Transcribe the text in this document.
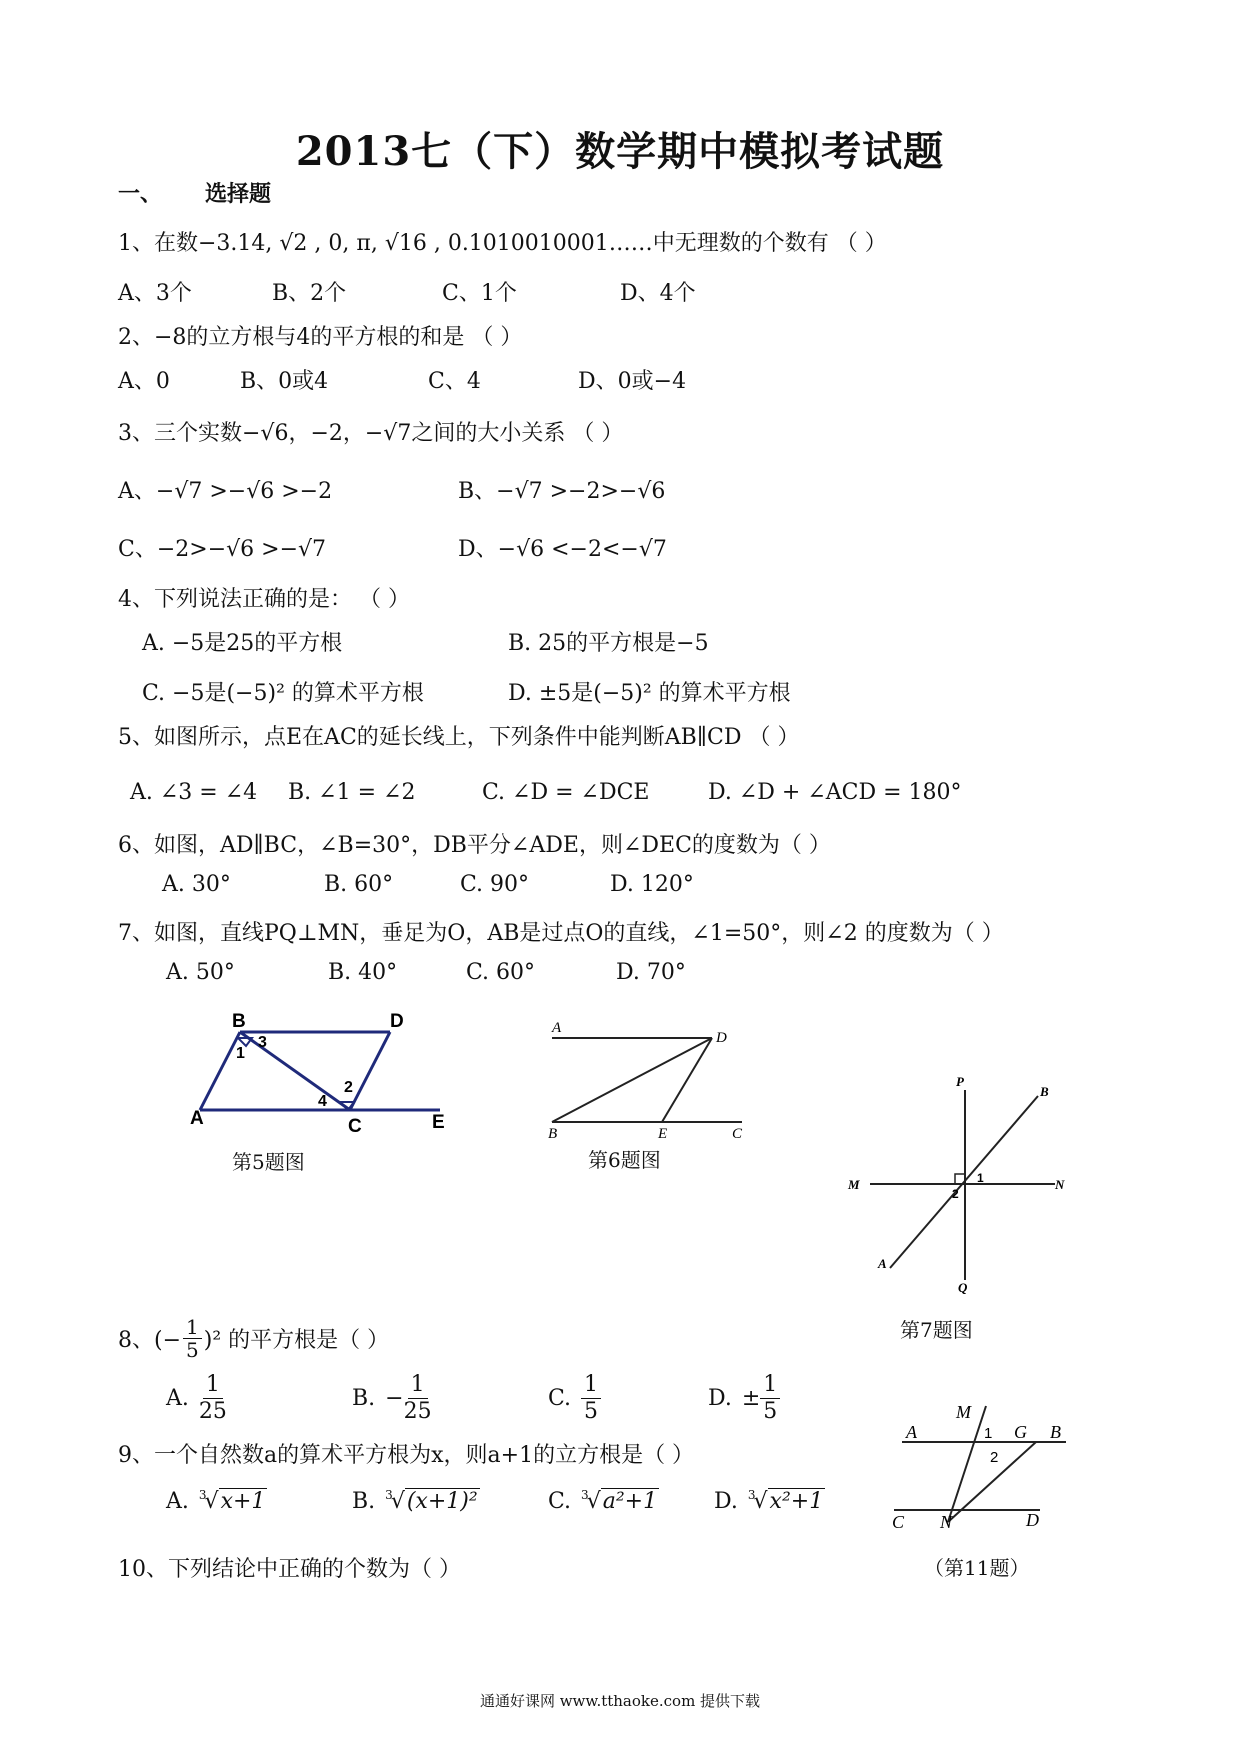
2013七（下）数学期中模拟考试题
一、 选择题
1、在数−3.14, √2 , 0, π, √16 , 0.1010010001……中无理数的个数有 （ ）
A、3个	B、2个	C、1个	D、4个
2、−8的立方根与4的平方根的和是 （ ）
A、0	B、0或4	C、4	D、0或−4
3、三个实数−√6，−2，−√7之间的大小关系 （ ）
A、−√7 >−√6 >−2	B、−√7 >−2>−√6
C、−2>−√6 >−√7	D、−√6 <−2<−√7
4、下列说法正确的是： （ ）
A. −5是25的平方根	B. 25的平方根是−5
C. −5是(−5)² 的算术平方根	D. ±5是(−5)² 的算术平方根
5、如图所示，点E在AC的延长线上，下列条件中能判断AB∥CD （ ）
A. ∠3 = ∠4 B. ∠1 = ∠2	C. ∠D = ∠DCE	D. ∠D + ∠ACD = 180°
6、如图，AD∥BC，∠B=30°，DB平分∠ADE，则∠DEC的度数为（ ）
A. 30°	B. 60°	C. 90°	D. 120°
7、如图，直线PQ⊥MN，垂足为O，AB是过点O的直线，∠1=50°，则∠2 的度数为（ ）
A. 50°	B. 40°	C. 60°	D. 70°
B	D
A	C	E
3
1
2
4
第5题图
A
D
B	E	C
第6题图
P
B
M	N
A
Q
1
2
第7题图
8、(− $\frac{1}{5} )^2$ 的平方根是（ ）
A. $\frac{1}{25}$	B. − $\frac{1}{25}$	C. $\frac{1}{5}$	D. ± $\frac{1}{5}$	M
A	G B
C N	D
1
2
9、一个自然数a的算术平方根为x，则a+1的立方根是（ ）
A. $^3$
√ x+1	B. $^3$
√ (x+1)²	C. $^3$
√ a²+1	D. $^3$
√ x²+1
（第11题）
10、下列结论中正确的个数为（ ）
通通好课网 www.tthaoke.com 提供下载
